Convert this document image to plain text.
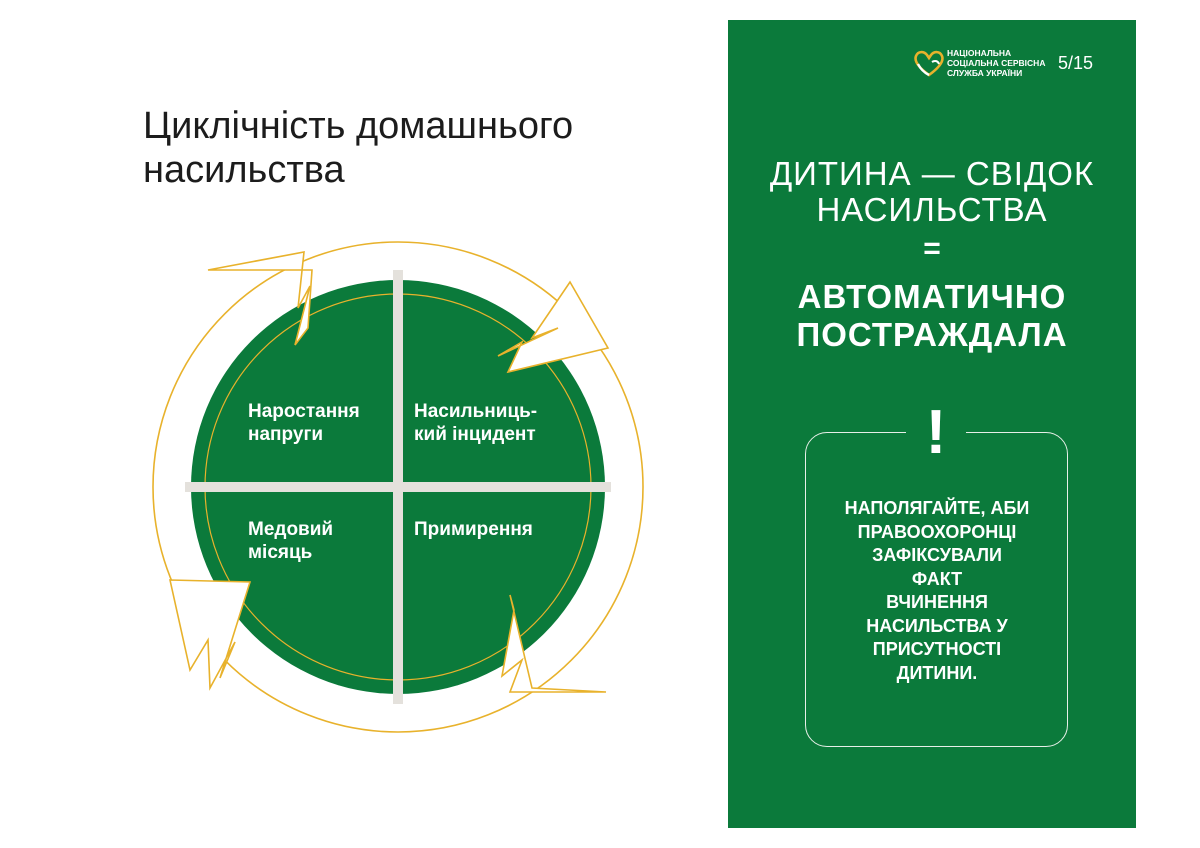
Циклічність домашнього
насильства
Наростання
напруги
Насильниць-
кий інцидент
Медовий
місяць
Примирення
НАЦІОНАЛЬНА
СОЦІАЛЬНА СЕРВІСНА
СЛУЖБА УКРАЇНИ	5/15
ДИТИНА — СВІДОК
НАСИЛЬСТВА
=
АВТОМАТИЧНО
ПОСТРАЖДАЛА
!
НАПОЛЯГАЙТЕ, АБИ
ПРАВООХОРОНЦІ
ЗАФІКСУВАЛИ
ФАКТ
ВЧИНЕННЯ
НАСИЛЬСТВА У
ПРИСУТНОСТІ
ДИТИНИ.
